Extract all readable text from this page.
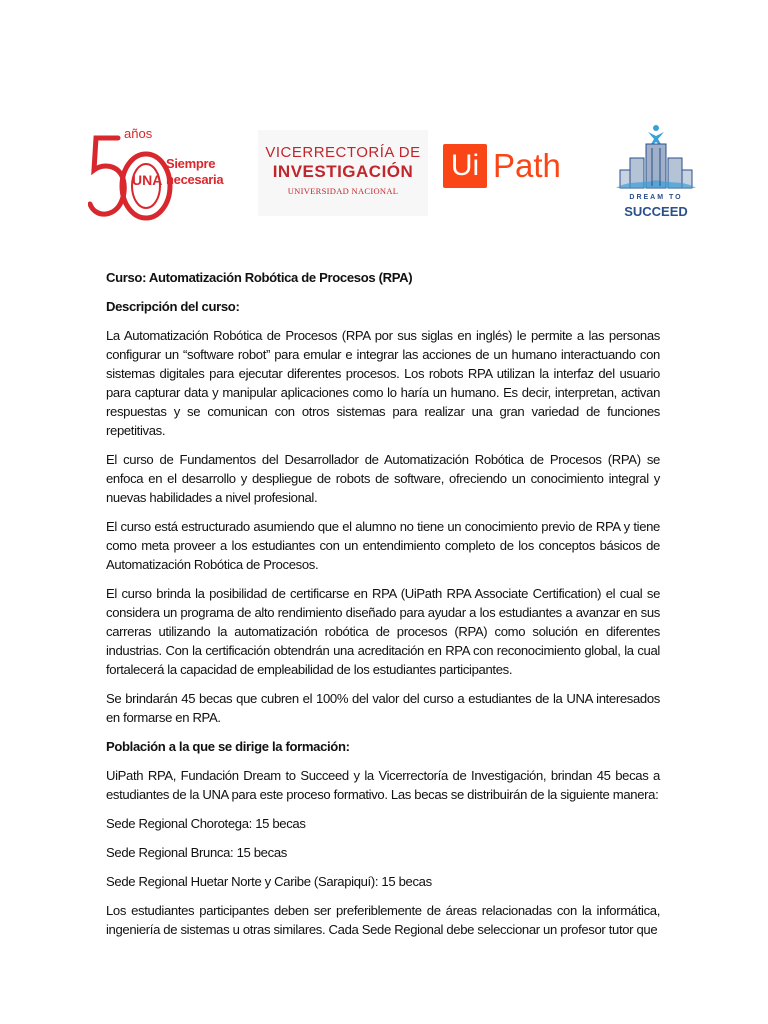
años
UNA
Siempre
necesaria
VICERRECTORÍA DE
INVESTIGACIÓN
UNIVERSIDAD NACIONAL
Ui Path
DREAM TO
SUCCEED

Curso: Automatización Robótica de Procesos (RPA)

Descripción del curso:

La Automatización Robótica de Procesos (RPA por sus siglas en inglés) le permite a las personas configurar un “software robot” para emular e integrar las acciones de un humano interactuando con sistemas digitales para ejecutar diferentes procesos. Los robots RPA utilizan la interfaz del usuario para capturar data y manipular aplicaciones como lo haría un humano. Es decir, interpretan, activan respuestas y se comunican con otros sistemas para realizar una gran variedad de funciones repetitivas.

El curso de Fundamentos del Desarrollador de Automatización Robótica de Procesos (RPA) se enfoca en el desarrollo y despliegue de robots de software, ofreciendo un conocimiento integral y nuevas habilidades a nivel profesional.

El curso está estructurado asumiendo que el alumno no tiene un conocimiento previo de RPA y tiene como meta proveer a los estudiantes con un entendimiento completo de los conceptos básicos de Automatización Robótica de Procesos.

El curso brinda la posibilidad de certificarse en RPA (UiPath RPA Associate Certification) el cual se considera un programa de alto rendimiento diseñado para ayudar a los estudiantes a avanzar en sus carreras utilizando la automatización robótica de procesos (RPA) como solución en diferentes industrias. Con la certificación obtendrán una acreditación en RPA con reconocimiento global, la cual fortalecerá la capacidad de empleabilidad de los estudiantes participantes.

Se brindarán 45 becas que cubren el 100% del valor del curso a estudiantes de la UNA interesados en formarse en RPA.

Población a la que se dirige la formación:

UiPath RPA, Fundación Dream to Succeed y la Vicerrectoría de Investigación, brindan 45 becas a estudiantes de la UNA para este proceso formativo. Las becas se distribuirán de la siguiente manera:

Sede Regional Chorotega: 15 becas

Sede Regional Brunca: 15 becas

Sede Regional Huetar Norte y Caribe (Sarapiquí): 15 becas

Los estudiantes participantes deben ser preferiblemente de áreas relacionadas con la informática, ingeniería de sistemas u otras similares. Cada Sede Regional debe seleccionar un profesor tutor que
